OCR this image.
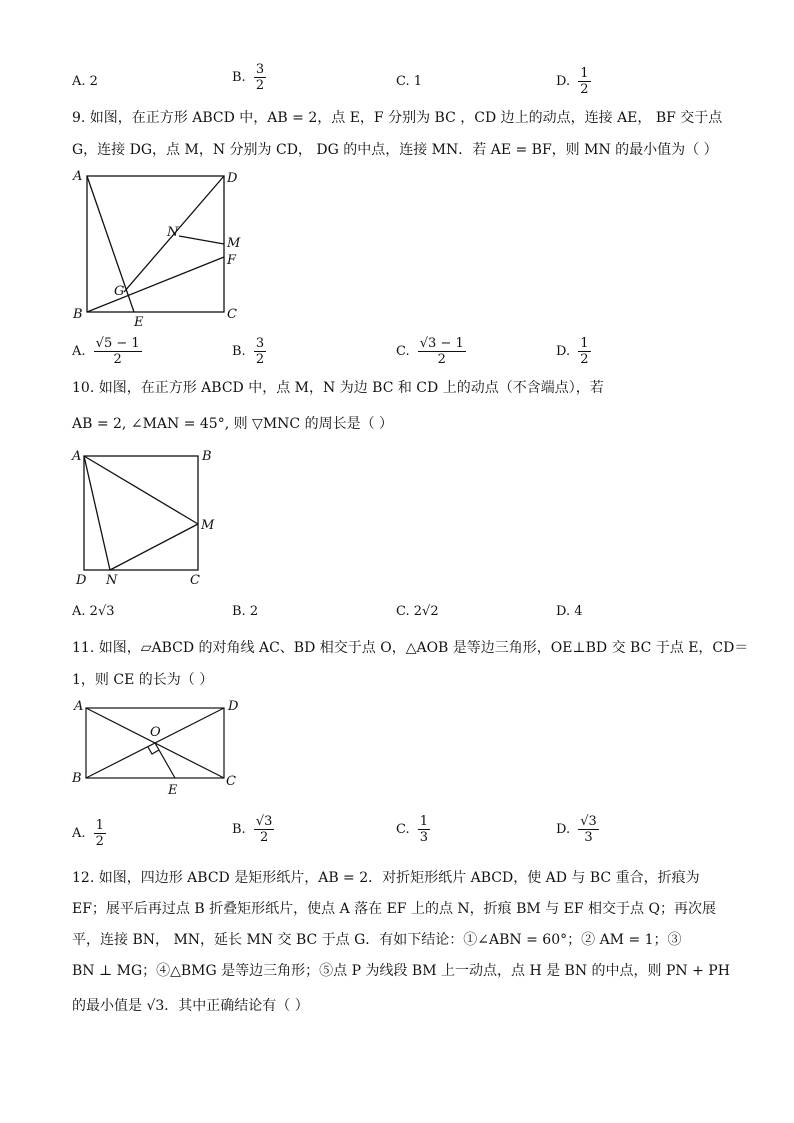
A. 2	B. $\frac{3}{2}$	C. 1	D. $\frac{1}{2}$
9. 如图，在正方形 ABCD 中，AB = 2，点 E，F 分别为 BC ，CD 边上的动点，连接 AE， BF 交于点
G，连接 DG，点 M，N 分别为 CD， DG 的中点，连接 MN．若 AE = BF，则 MN 的最小值为（ ）
A	D
B	C
E
F
M
N
G
A. $\frac{√5 - 1}{2}$	B. $\frac{3}{2}$	C. $\frac{√3 - 1}{2}$	D. $\frac{1}{2}$
10. 如图，在正方形 ABCD 中，点 M，N 为边 BC 和 CD 上的动点（不含端点），若
AB = 2, ∠MAN = 45°, 则 ▽MNC 的周长是（ ）
A	B
M
D N	C
A. 2√3	B. 2	C. 2√2	D. 4
11. 如图，▱ABCD 的对角线 AC、BD 相交于点 O，△AOB 是等边三角形，OE⊥BD 交 BC 于点 E，CD＝
1，则 CE 的长为（ ）
A	D
O
B	C
E
A. $\frac{1}{2}$	B. $\frac{√3}{2}$	C. $\frac{1}{3}$	D. $\frac{√3}{3}$
12. 如图，四边形 ABCD 是矩形纸片，AB = 2．对折矩形纸片 ABCD，使 AD 与 BC 重合，折痕为
EF；展平后再过点 B 折叠矩形纸片，使点 A 落在 EF 上的点 N，折痕 BM 与 EF 相交于点 Q；再次展
平，连接 BN， MN，延长 MN 交 BC 于点 G．有如下结论：①∠ABN = 60°；② AM = 1；③
BN ⊥ MG；④△BMG 是等边三角形；⑤点 P 为线段 BM 上一动点，点 H 是 BN 的中点，则 PN + PH
的最小值是 √3．其中正确结论有（ ）
